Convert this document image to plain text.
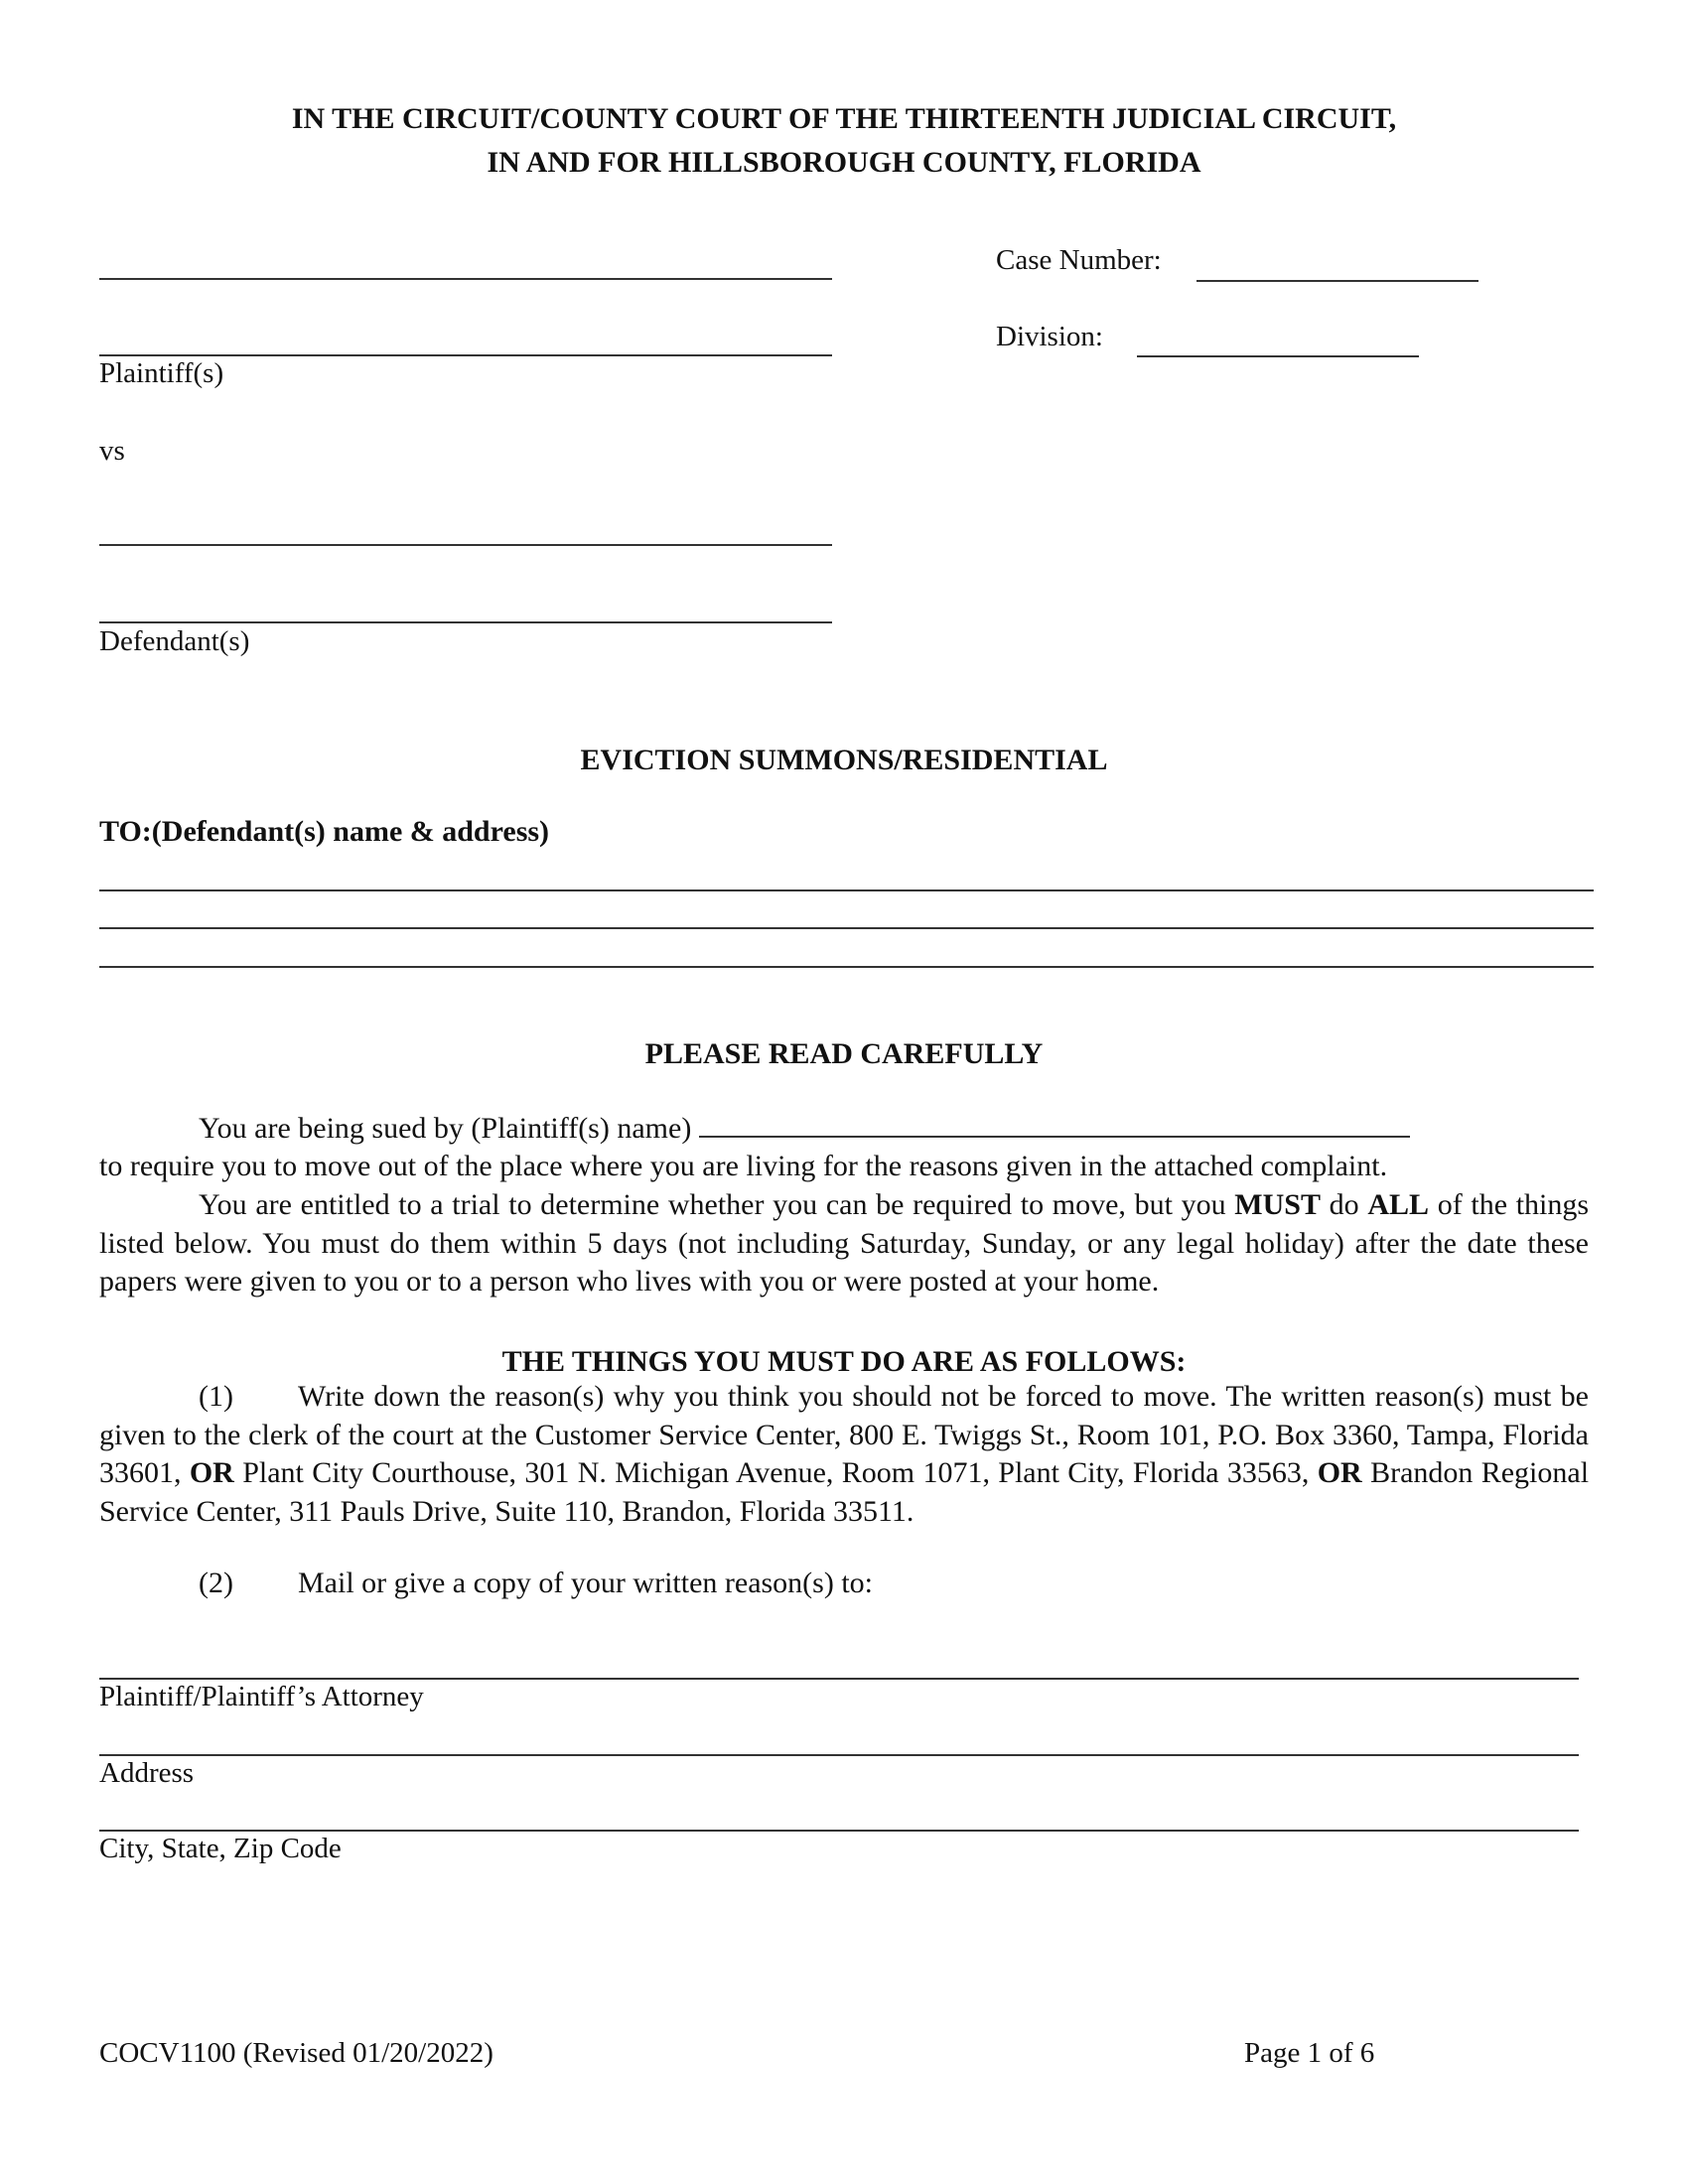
IN THE CIRCUIT/COUNTY COURT OF THE THIRTEENTH JUDICIAL CIRCUIT,
IN AND FOR HILLSBOROUGH COUNTY, FLORIDA
Plaintiff(s)
vs
Defendant(s)
Case Number:
Division:
EVICTION SUMMONS/RESIDENTIAL
TO:(Defendant(s) name & address)
PLEASE READ CAREFULLY
You are being sued by (Plaintiff(s) name)
to require you to move out of the place where you are living for the reasons given in the attached complaint.
You are entitled to a trial to determine whether you can be required to move, but you MUST do ALL of the things listed below. You must do them within 5 days (not including Saturday, Sunday, or any legal holiday) after the date these papers were given to you or to a person who lives with you or were posted at your home.
THE THINGS YOU MUST DO ARE AS FOLLOWS:
(1) Write down the reason(s) why you think you should not be forced to move. The written reason(s) must be given to the clerk of the court at the Customer Service Center, 800 E. Twiggs St., Room 101, P.O. Box 3360, Tampa, Florida 33601, OR Plant City Courthouse, 301 N. Michigan Avenue, Room 1071, Plant City, Florida 33563, OR Brandon Regional Service Center, 311 Pauls Drive, Suite 110, Brandon, Florida 33511.
(2) Mail or give a copy of your written reason(s) to:
Plaintiff/Plaintiff’s Attorney
Address
City, State, Zip Code
COCV1100 (Revised 01/20/2022)	Page 1 of 6
